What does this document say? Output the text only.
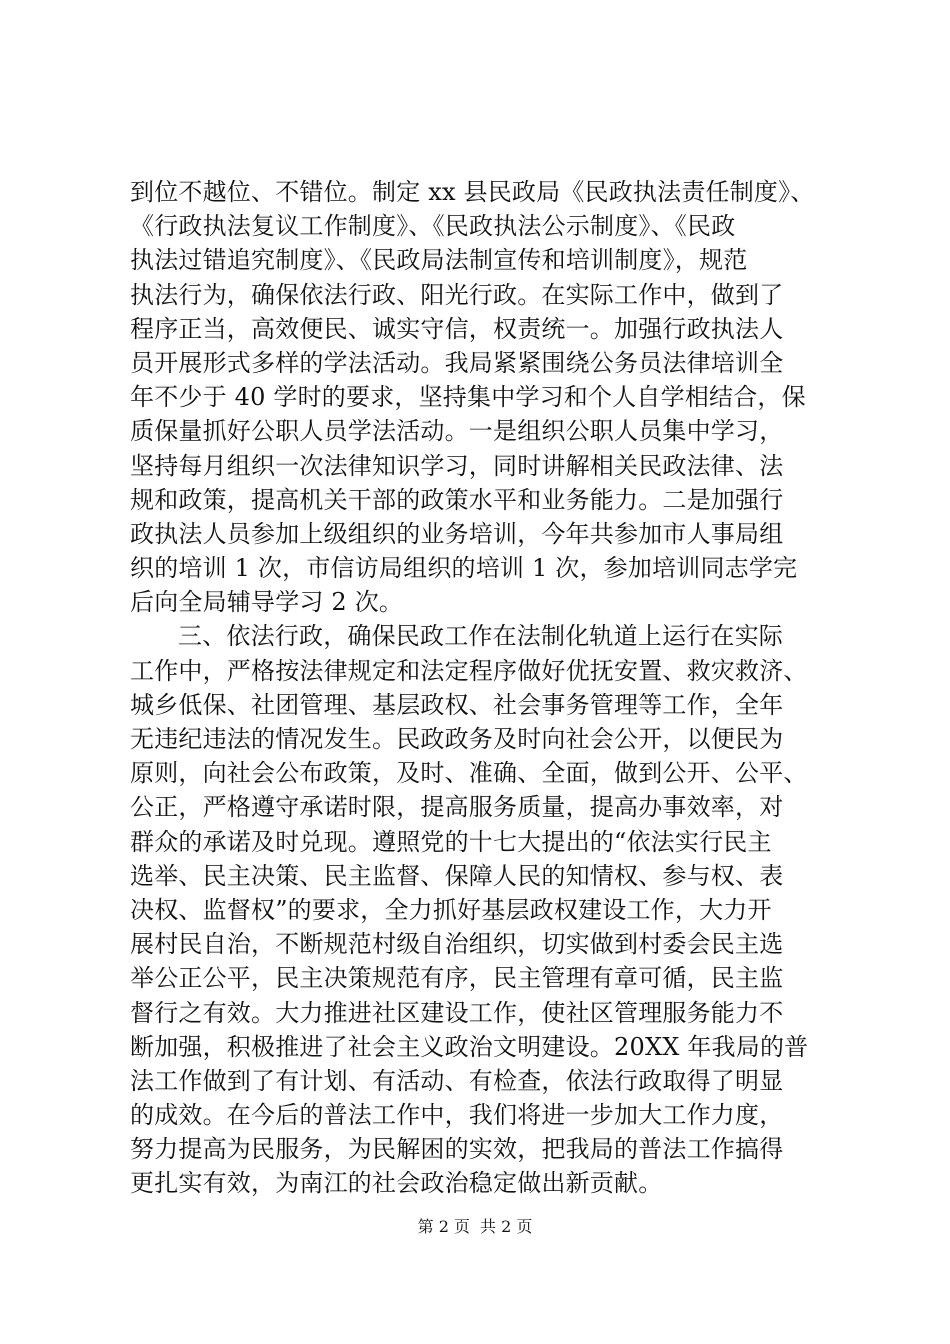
到位不越位、不错位。制定 xx 县民政局《民政执法责任制度》、
《行政执法复议工作制度》、《民政执法公示制度》、《民政
执法过错追究制度》、《民政局法制宣传和培训制度》，规范
执法行为，确保依法行政、阳光行政。在实际工作中，做到了
程序正当，高效便民、诚实守信，权责统一。加强行政执法人
员开展形式多样的学法活动。我局紧紧围绕公务员法律培训全
年不少于 40 学时的要求，坚持集中学习和个人自学相结合，保
质保量抓好公职人员学法活动。一是组织公职人员集中学习，
坚持每月组织一次法律知识学习，同时讲解相关民政法律、法
规和政策，提高机关干部的政策水平和业务能力。二是加强行
政执法人员参加上级组织的业务培训，今年共参加市人事局组
织的培训 1 次，市信访局组织的培训 1 次，参加培训同志学完
后向全局辅导学习 2 次。
三、依法行政，确保民政工作在法制化轨道上运行在实际
工作中，严格按法律规定和法定程序做好优抚安置、救灾救济、
城乡低保、社团管理、基层政权、社会事务管理等工作，全年
无违纪违法的情况发生。民政政务及时向社会公开，以便民为
原则，向社会公布政策，及时、准确、全面，做到公开、公平、
公正，严格遵守承诺时限，提高服务质量，提高办事效率，对
群众的承诺及时兑现。遵照党的十七大提出的“依法实行民主
选举、民主决策、民主监督、保障人民的知情权、参与权、表
决权、监督权”的要求，全力抓好基层政权建设工作，大力开
展村民自治，不断规范村级自治组织，切实做到村委会民主选
举公正公平，民主决策规范有序，民主管理有章可循，民主监
督行之有效。大力推进社区建设工作，使社区管理服务能力不
断加强，积极推进了社会主义政治文明建设。20XX 年我局的普
法工作做到了有计划、有活动、有检查，依法行政取得了明显
的成效。在今后的普法工作中，我们将进一步加大工作力度，
努力提高为民服务，为民解困的实效，把我局的普法工作搞得
更扎实有效，为南江的社会政治稳定做出新贡献。
第 2 页 共 2 页
